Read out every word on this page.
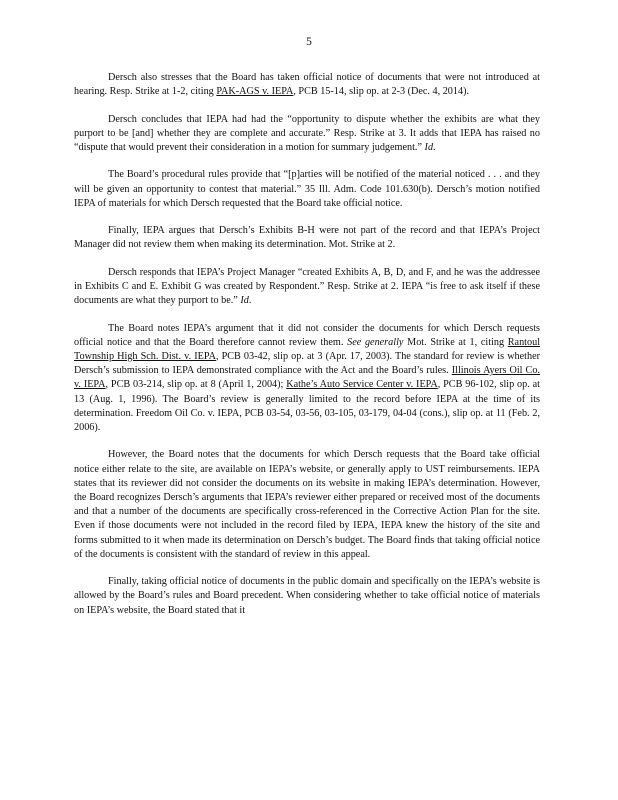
5

Dersch also stresses that the Board has taken official notice of documents that were not introduced at hearing. Resp. Strike at 1-2, citing PAK-AGS v. IEPA, PCB 15-14, slip op. at 2-3 (Dec. 4, 2014).

Dersch concludes that IEPA had had the “opportunity to dispute whether the exhibits are what they purport to be [and] whether they are complete and accurate.” Resp. Strike at 3. It adds that IEPA has raised no “dispute that would prevent their consideration in a motion for summary judgement.” Id.

The Board’s procedural rules provide that “[p]arties will be notified of the material noticed . . . and they will be given an opportunity to contest that material.” 35 Ill. Adm. Code 101.630(b). Dersch’s motion notified IEPA of materials for which Dersch requested that the Board take official notice.

Finally, IEPA argues that Dersch’s Exhibits B-H were not part of the record and that IEPA’s Project Manager did not review them when making its determination. Mot. Strike at 2.

Dersch responds that IEPA’s Project Manager “created Exhibits A, B, D, and F, and he was the addressee in Exhibits C and E. Exhibit G was created by Respondent.” Resp. Strike at 2. IEPA “is free to ask itself if these documents are what they purport to be.” Id.

The Board notes IEPA’s argument that it did not consider the documents for which Dersch requests official notice and that the Board therefore cannot review them. See generally Mot. Strike at 1, citing Rantoul Township High Sch. Dist. v. IEPA, PCB 03-42, slip op. at 3 (Apr. 17, 2003). The standard for review is whether Dersch’s submission to IEPA demonstrated compliance with the Act and the Board’s rules. Illinois Ayers Oil Co. v. IEPA, PCB 03-214, slip op. at 8 (April 1, 2004); Kathe’s Auto Service Center v. IEPA, PCB 96-102, slip op. at 13 (Aug. 1, 1996). The Board’s review is generally limited to the record before IEPA at the time of its determination. Freedom Oil Co. v. IEPA, PCB 03-54, 03-56, 03-105, 03-179, 04-04 (cons.), slip op. at 11 (Feb. 2, 2006).

However, the Board notes that the documents for which Dersch requests that the Board take official notice either relate to the site, are available on IEPA’s website, or generally apply to UST reimbursements. IEPA states that its reviewer did not consider the documents on its website in making IEPA’s determination. However, the Board recognizes Dersch’s arguments that IEPA’s reviewer either prepared or received most of the documents and that a number of the documents are specifically cross-referenced in the Corrective Action Plan for the site. Even if those documents were not included in the record filed by IEPA, IEPA knew the history of the site and forms submitted to it when made its determination on Dersch’s budget. The Board finds that taking official notice of the documents is consistent with the standard of review in this appeal.

Finally, taking official notice of documents in the public domain and specifically on the IEPA’s website is allowed by the Board’s rules and Board precedent. When considering whether to take official notice of materials on IEPA’s website, the Board stated that it
